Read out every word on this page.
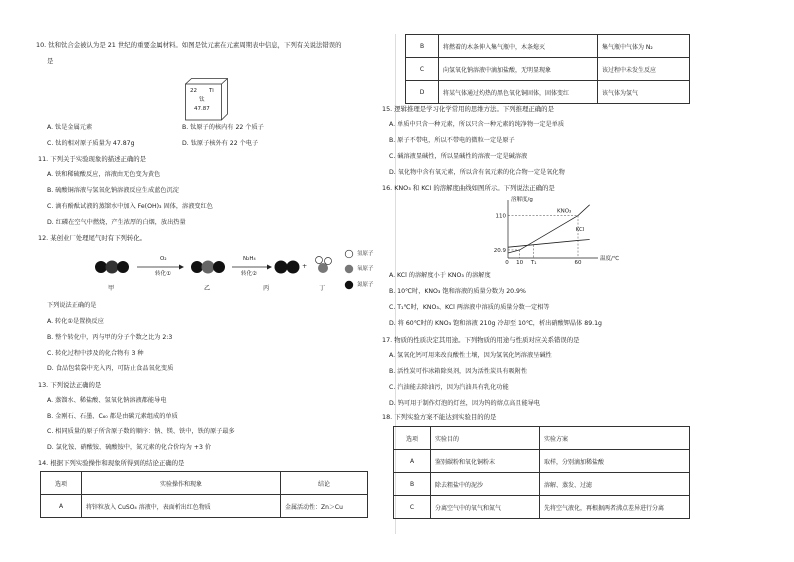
10. 钛和钛合金被认为是 21 世纪的重要金属材料。如图是钛元素在元素周期表中信息，下列有关说法错误的
是
22 Ti
钛
47.87
A. 钛是金属元素	B. 钛原子的核内有 22 个质子
C. 钛的相对原子质量为 47.87g	D. 钛原子核外有 22 个电子
11. 下列关于实验现象的描述正确的是
A. 铁和稀硫酸反应，溶液由无色变为黄色
B. 硫酸铜溶液与氢氧化钠溶液反应生成蓝色沉淀
C. 滴有酚酞试液的蒸馏水中加入 Fe(OH)₃ 固体，溶液变红色
D. 红磷在空气中燃烧，产生浓厚的白烟，放出热量
12. 某创业厂处理尾气时有下列转化。
O₂
转化①
N₂H₄
转化②
+
氢原子
氧原子
氮原子
甲	乙	丙	丁
下列说法正确的是
A. 转化①是置换反应
B. 整个转化中，丙与甲的分子个数之比为 2:3
C. 转化过程中涉及的化合物有 3 种
D. 食品包装袋中充入丙，可防止食品氧化变质
13. 下列说法正确的是
A. 蒸馏水、稀盐酸、氢氧化钠溶液都能导电
B. 金刚石、石墨、C₆₀ 都是由碳元素组成的单质
C. 相同质量的原子所含原子数的顺序：钠、镁、铁中，铁的原子最多
D. 氯化铵、硝酸铵、硫酸铵中，氮元素的化合价均为 +3 价
14. 根据下列实验操作和现象所得到的结论正确的是
选项	实验操作和现象	结论
A	将锌粒放入 CuSO₄ 溶液中，表面析出红色物质	金属活动性：Zn＞Cu
B	将燃着的木条伸入集气瓶中，木条熄灭	集气瓶中气体为 N₂
C	向氢氧化钠溶液中滴加盐酸，无明显现象	该过程中未发生反应
D	将某气体通过灼热的黑色氧化铜固体，固体变红	该气体为氢气
15. 逻辑推理是学习化学常用的思维方法。下列推理正确的是
A. 单质中只含一种元素，所以只含一种元素的纯净物一定是单质
B. 原子不带电，所以不带电的微粒一定是原子
C. 碱溶液显碱性，所以显碱性的溶液一定是碱溶液
D. 氧化物中含有氧元素，所以含有氧元素的化合物一定是氧化物
16. KNO₃ 和 KCl 的溶解度曲线如图所示。下列说法正确的是
溶解度/g
温度/℃
KNO₃
KCl
110
20.9
0 10 T₁	60
A. KCl 的溶解度小于 KNO₃ 的溶解度
B. 10℃时，KNO₃ 饱和溶液的质量分数为 20.9%
C. T₁℃时，KNO₃、KCl 两溶液中溶质的质量分数一定相等
D. 将 60℃时的 KNO₃ 饱和溶液 210g 冷却至 10℃，析出硝酸钾晶体 89.1g
17. 物质的性质决定其用途。下列物质的用途与性质对应关系错误的是
A. 氢氧化钙可用来改良酸性土壤，因为氢氧化钙溶液呈碱性
B. 活性炭可作冰箱除臭剂，因为活性炭具有吸附性
C. 汽油能去除油污，因为汽油具有乳化功能
D. 钨可用于制作灯泡的灯丝，因为钨的熔点高且能导电
18. 下列实验方案不能达到实验目的的是
选项	实验目的	实验方案
A	鉴别碳粉和氧化铜粉末	取样，分别滴加稀盐酸
B	除去粗盐中的泥沙	溶解、蒸发、过滤
C	分离空气中的氧气和氮气	先将空气液化，再根据两者沸点差异进行分离
